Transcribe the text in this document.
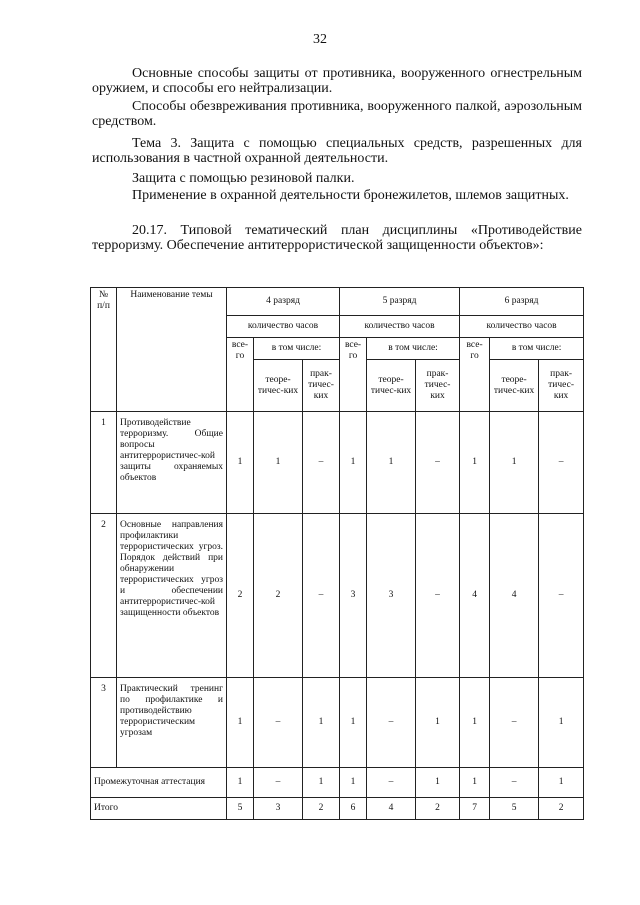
32
Основные способы защиты от противника, вооруженного огнестрельным оружием, и способы его нейтрализации.
Способы обезвреживания противника, вооруженного палкой, аэрозольным средством.
Тема 3. Защита с помощью специальных средств, разрешенных для использования в частной охранной деятельности.
Защита с помощью резиновой палки.
Применение в охранной деятельности бронежилетов, шлемов защитных.
20.17. Типовой тематический план дисциплины «Противодействие терроризму. Обеспечение антитеррористической защищенности объектов»:
№ п/п	Наименование темы	4 разряд			5 разряд			6 разряд		
		количество часов			количество часов			количество часов		
		все-го	в том числе:		все-го	в том числе:		все-го	в том числе:	
			теоре-тичес-ких	прак-тичес-ких		теоре-тичес-ких	прак-тичес-ких		теоре-тичес-ких	прак-тичес-ких
1	Противодействие терроризму. Общие вопросы антитеррористичес-кой защиты охраняемых объектов	1	1	–	1	1	–	1	1	–
2	Основные направления профилактики террористических угроз. Порядок действий при обнаружении террористических угроз и обеспечении антитеррористичес-кой защищенности объектов	2	2	–	3	3	–	4	4	–
3	Практический тренинг по профилактике и противодействию террористическим угрозам	1	–	1	1	–	1	1	–	1
Промежуточная аттестация		1	–	1	1	–	1	1	–	1
Итого		5	3	2	6	4	2	7	5	2
